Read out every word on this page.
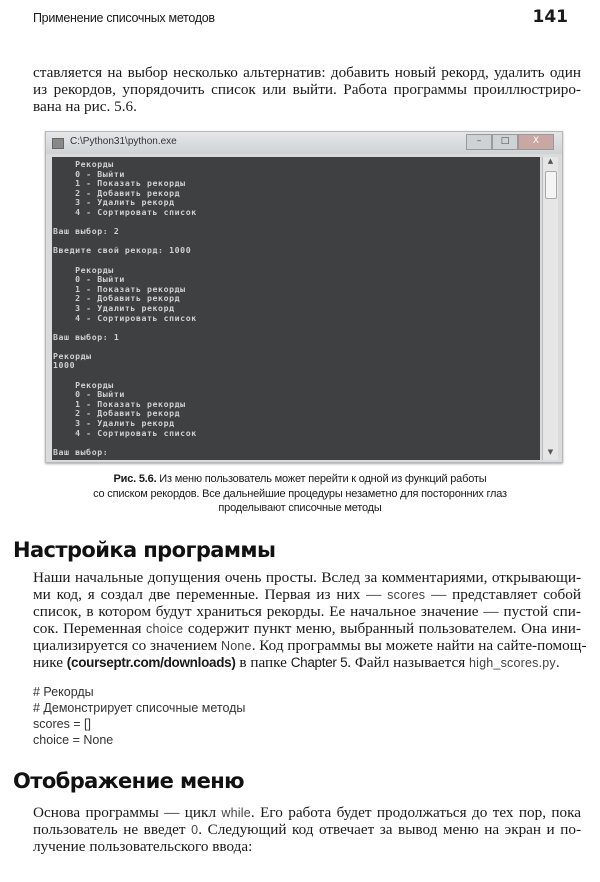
Применение списочных методов	141
ставляется на выбор несколько альтернатив: добавить новый рекорд, удалить один
из рекордов, упорядочить список или выйти. Работа программы проиллюстриро-
вана на рис. 5.6.
C:\Python31\python.exe	–	□	X
Рекорды
0 - Выйти
1 - Показать рекорды
2 - Добавить рекорд
3 - Удалить рекорд
4 - Сортировать список
Ваш выбор: 2
Введите свой рекорд: 1000
Рекорды
0 - Выйти
1 - Показать рекорды
2 - Добавить рекорд
3 - Удалить рекорд
4 - Сортировать список
Ваш выбор: 1
Рекорды
1000
Рекорды
0 - Выйти
1 - Показать рекорды
2 - Добавить рекорд
3 - Удалить рекорд
4 - Сортировать список
Ваш выбор:
▲
▼
Рис. 5.6. Из меню пользователь может перейти к одной из функций работы
со списком рекордов. Все дальнейшие процедуры незаметно для посторонних глаз
проделывают списочные методы
Настройка программы
Наши начальные допущения очень просты. Вслед за комментариями, открывающи-
ми код, я создал две переменные. Первая из них — scores — представляет собой
список, в котором будут храниться рекорды. Ее начальное значение — пустой спи-
сок. Переменная choice содержит пункт меню, выбранный пользователем. Она ини-
циализируется со значением None. Код программы вы можете найти на сайте-помощ-
нике (courseptr.com/downloads) в папке Chapter 5. Файл называется high_scores.py.
# Рекорды
# Демонстрирует списочные методы
scores = []
choice = None
Отображение меню
Основа программы — цикл while. Его работа будет продолжаться до тех пор, пока
пользователь не введет 0. Следующий код отвечает за вывод меню на экран и по-
лучение пользовательского ввода:
